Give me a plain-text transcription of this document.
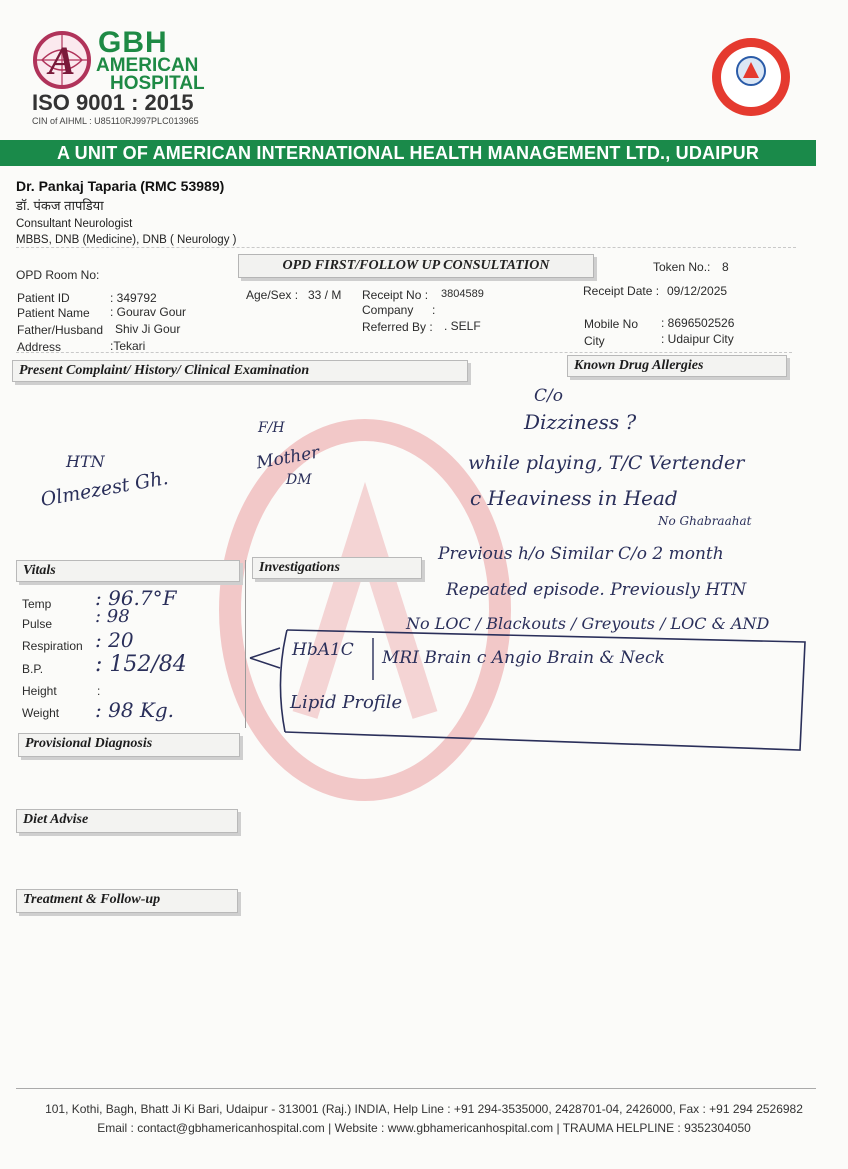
A GBH
AMERICAN
HOSPITAL
ISO 9001 : 2015
CIN of AIHML : U85110RJ997PLC013965
NABH
A UNIT OF AMERICAN INTERNATIONAL HEALTH MANAGEMENT LTD., UDAIPUR
Dr. Pankaj Taparia (RMC 53989)
डॉ. पंकज तापडिया
Consultant Neurologist
MBBS, DNB (Medicine), DNB ( Neurology )
OPD Room No:
OPD FIRST/FOLLOW UP CONSULTATION	Token No.: 8
Patient ID	: 349792
Patient Name : Gourav Gour
Father/Husband Shiv Ji Gour
Address	:Tekari
Age/Sex : 33 / M Receipt No : 3804589
Company :
Referred By : . SELF
Receipt Date : 09/12/2025
Mobile No : 8696502526
City	: Udaipur City
Present Complaint/ History/ Clinical Examination	Known Drug Allergies
Vitals	Investigations
Provisional Diagnosis
Diet Advise
Treatment & Follow-up
Temp : 96.7°F
Pulse : 98
Respiration : 20
B.P. : 152/84
Height	:
Weight : 98 Kg.
HTN
Olmezest Gh.
F/H
Mother
DM
C/o
Dizziness ?
while playing, T/C Vertender
c Heaviness in Head
No Ghabraahat
Previous h/o Similar C/o 2 month
Repeated episode. Previously HTN
No LOC / Blackouts / Greyouts / LOC & AND
HbA1C MRI Brain c Angio Brain & Neck
Lipid Profile
101, Kothi, Bagh, Bhatt Ji Ki Bari, Udaipur - 313001 (Raj.) INDIA, Help Line : +91 294-3535000, 2428701-04, 2426000, Fax : +91 294 2526982
Email : contact@gbhamericanhospital.com | Website : www.gbhamericanhospital.com | TRAUMA HELPLINE : 9352304050
